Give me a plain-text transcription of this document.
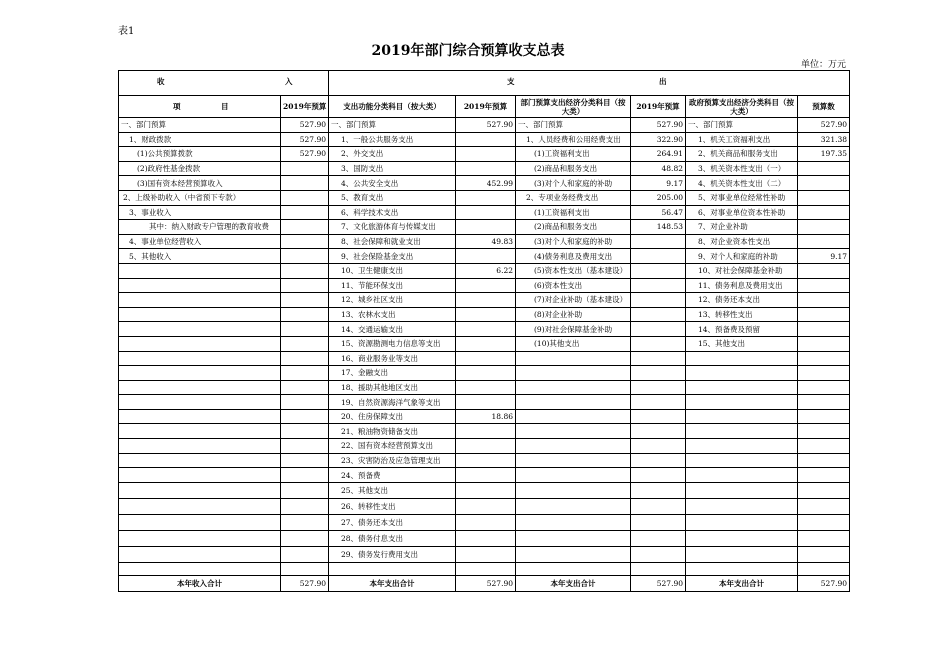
表1
2019年部门综合预算收支总表
单位：万元
收 入		支 出					

项 目	2019年预算	支出功能分类科目（按大类）	2019年预算	部门预算支出经济分类科目（按大类）	2019年预算	政府预算支出经济分类科目（按大类）	预算数
一、部门预算	527.90	一、部门预算	527.90	一、部门预算	527.90	一、部门预算	527.90
1、财政拨款	527.90	1、一般公共服务支出		1、人员经费和公用经费支出	322.90	1、机关工资福利支出	321.38
(1)公共预算拨款	527.90	2、外交支出		(1)工资福利支出	264.91	2、机关商品和服务支出	197.35
(2)政府性基金拨款		3、国防支出		(2)商品和服务支出	48.82	3、机关资本性支出（一）	
(3)国有资本经营预算收入		4、公共安全支出	452.99	(3)对个人和家庭的补助	9.17	4、机关资本性支出（二）	
2、上级补助收入（中省预下专款）		5、教育支出		2、专项业务经费支出	205.00	5、对事业单位经常性补助	
3、事业收入		6、科学技术支出		(1)工资福利支出	56.47	6、对事业单位资本性补助	
其中：纳入财政专户管理的教育收费		7、文化旅游体育与传媒支出		(2)商品和服务支出	148.53	7、对企业补助	
4、事业单位经营收入		8、社会保障和就业支出	49.83	(3)对个人和家庭的补助		8、对企业资本性支出	
5、其他收入		9、社会保险基金支出		(4)债务利息及费用支出		9、对个人和家庭的补助	9.17
		10、卫生健康支出	6.22	(5)资本性支出（基本建设）		10、对社会保障基金补助	
		11、节能环保支出		(6)资本性支出		11、债务利息及费用支出	
		12、城乡社区支出		(7)对企业补助（基本建设）		12、债务还本支出	
		13、农林水支出		(8)对企业补助		13、转移性支出	
		14、交通运输支出		(9)对社会保障基金补助		14、预备费及预留	
		15、资源勘测电力信息等支出		(10)其他支出		15、其他支出	
		16、商业服务业等支出					
		17、金融支出					
		18、援助其他地区支出					
		19、自然资源海洋气象等支出					
		20、住房保障支出	18.86				
		21、粮油物资储备支出					
		22、国有资本经营预算支出					
		23、灾害防治及应急管理支出					
		24、预备费					
		25、其他支出					
		26、转移性支出					
		27、债务还本支出					
		28、债务付息支出					
		29、债务发行费用支出					

本年收入合计	527.90	本年支出合计	527.90	本年支出合计	527.90	本年支出合计	527.90
